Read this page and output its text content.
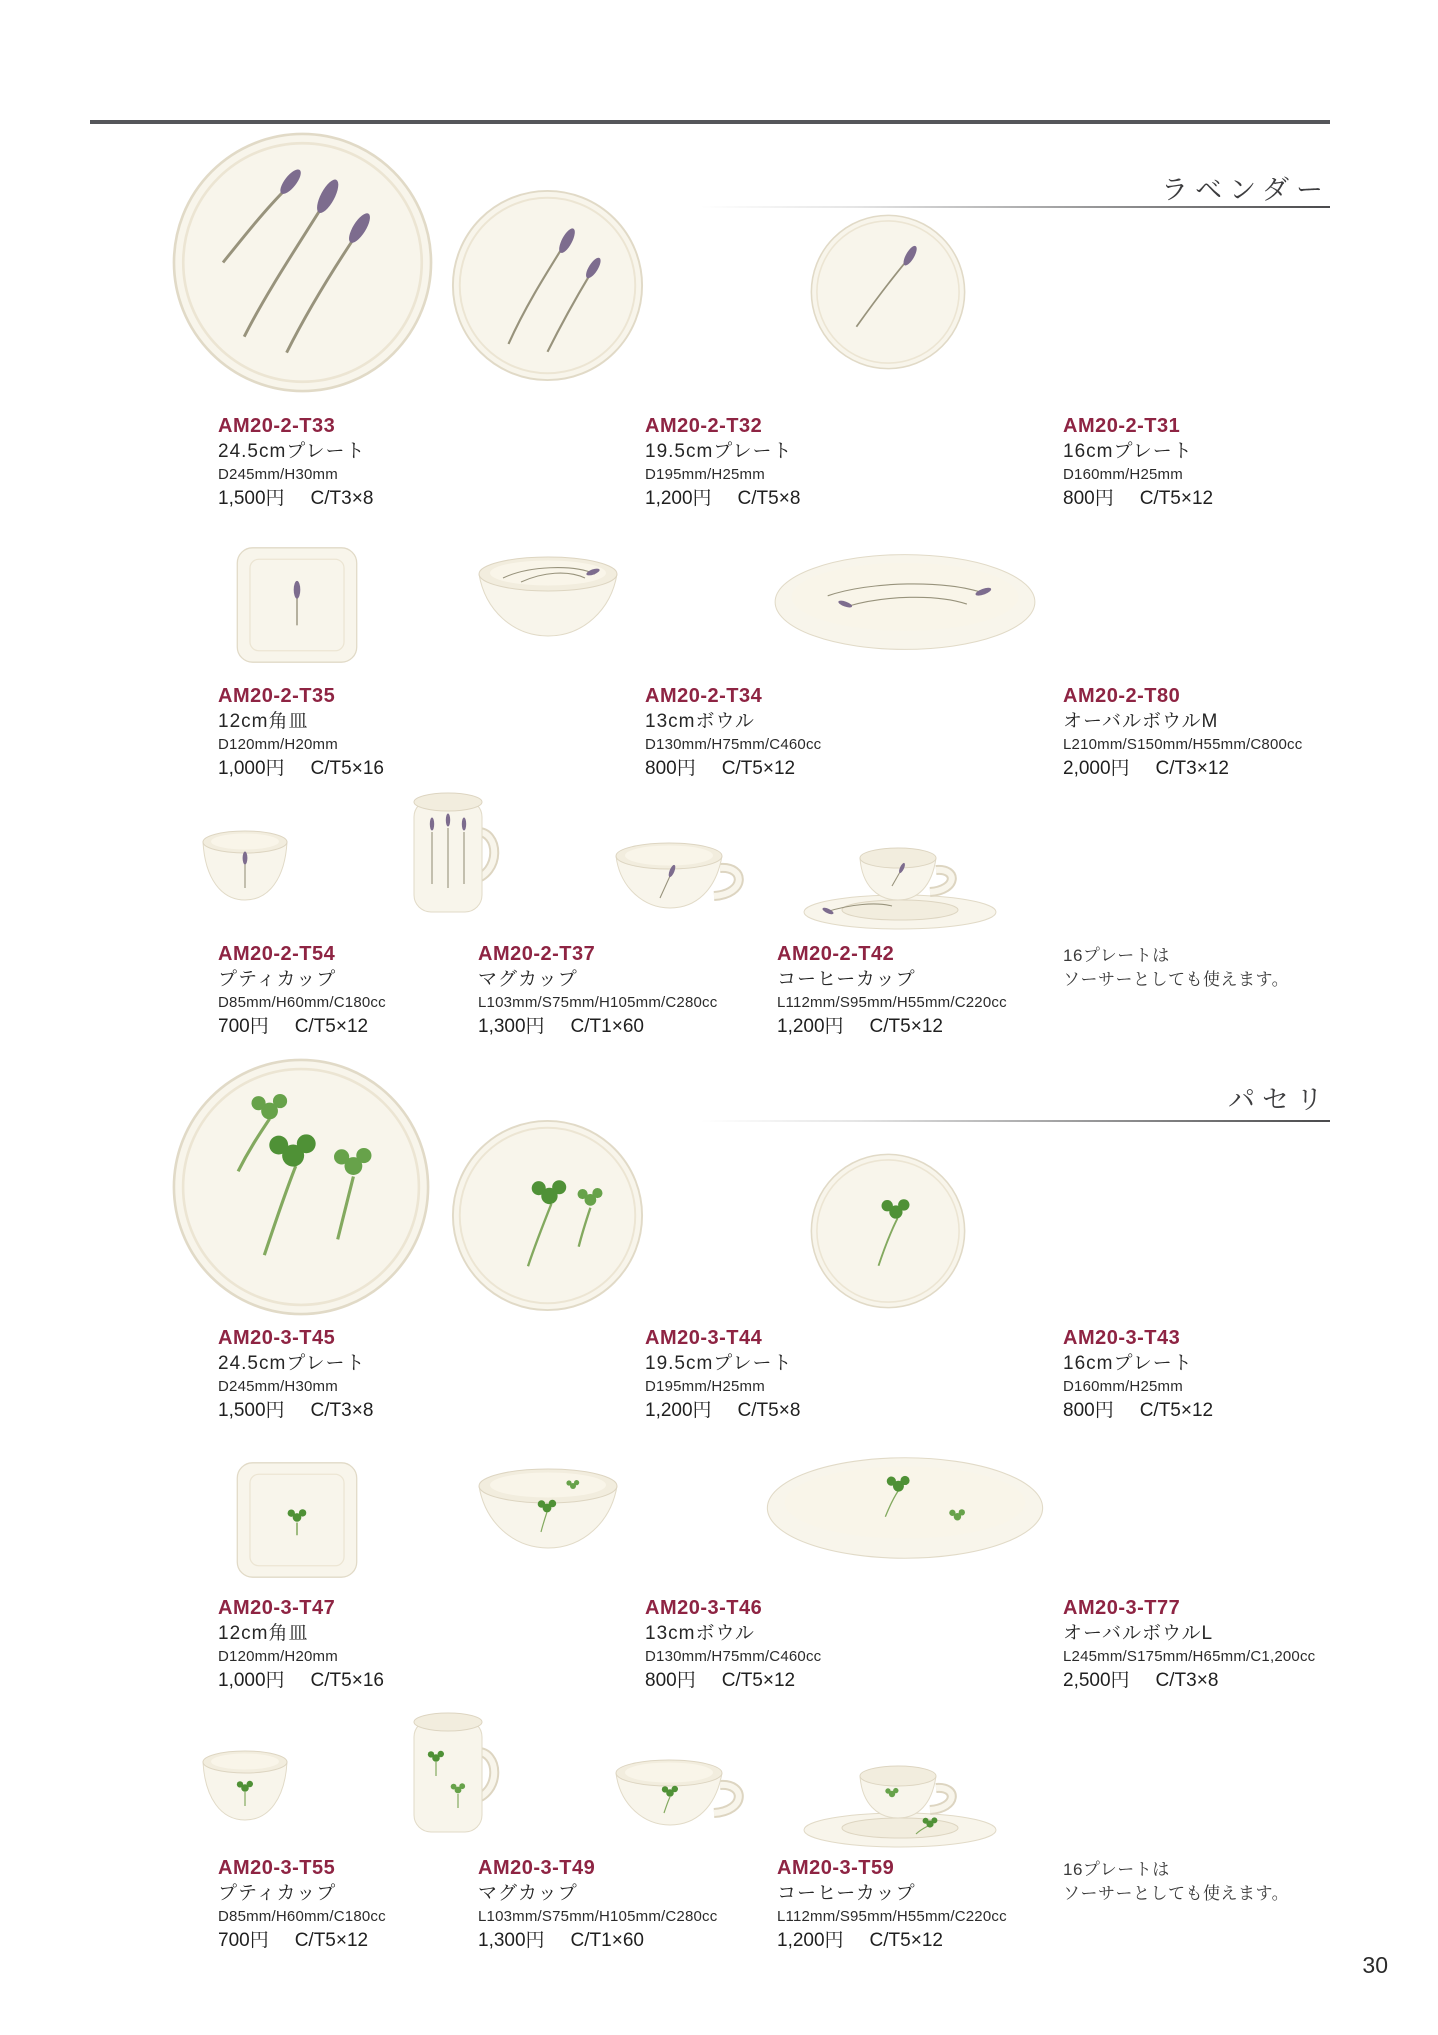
ラベンダー
AM20-2-T33
24.5cmプレート
D245mm/H30mm
1,500円 C/T3×8
AM20-2-T32
19.5cmプレート
D195mm/H25mm
1,200円 C/T5×8
AM20-2-T31
16cmプレート
D160mm/H25mm
800円 C/T5×12
AM20-2-T35
12cm角皿
D120mm/H20mm
1,000円 C/T5×16
AM20-2-T34
13cmボウル
D130mm/H75mm/C460cc
800円 C/T5×12
AM20-2-T80
オーバルボウルM
L210mm/S150mm/H55mm/C800cc
2,000円 C/T3×12
AM20-2-T54
プティカップ
D85mm/H60mm/C180cc
700円 C/T5×12
AM20-2-T37
マグカップ
L103mm/S75mm/H105mm/C280cc
1,300円 C/T1×60
AM20-2-T42
コーヒーカップ
L112mm/S95mm/H55mm/C220cc
1,200円 C/T5×12
16プレートは
ソーサーとしても使えます。
パセリ
AM20-3-T45
24.5cmプレート
D245mm/H30mm
1,500円 C/T3×8
AM20-3-T44
19.5cmプレート
D195mm/H25mm
1,200円 C/T5×8
AM20-3-T43
16cmプレート
D160mm/H25mm
800円 C/T5×12
AM20-3-T47
12cm角皿
D120mm/H20mm
1,000円 C/T5×16
AM20-3-T46
13cmボウル
D130mm/H75mm/C460cc
800円 C/T5×12
AM20-3-T77
オーバルボウルL
L245mm/S175mm/H65mm/C1,200cc
2,500円 C/T3×8
AM20-3-T55
プティカップ
D85mm/H60mm/C180cc
700円 C/T5×12
AM20-3-T49
マグカップ
L103mm/S75mm/H105mm/C280cc
1,300円 C/T1×60
AM20-3-T59
コーヒーカップ
L112mm/S95mm/H55mm/C220cc
1,200円 C/T5×12
16プレートは
ソーサーとしても使えます。
30
